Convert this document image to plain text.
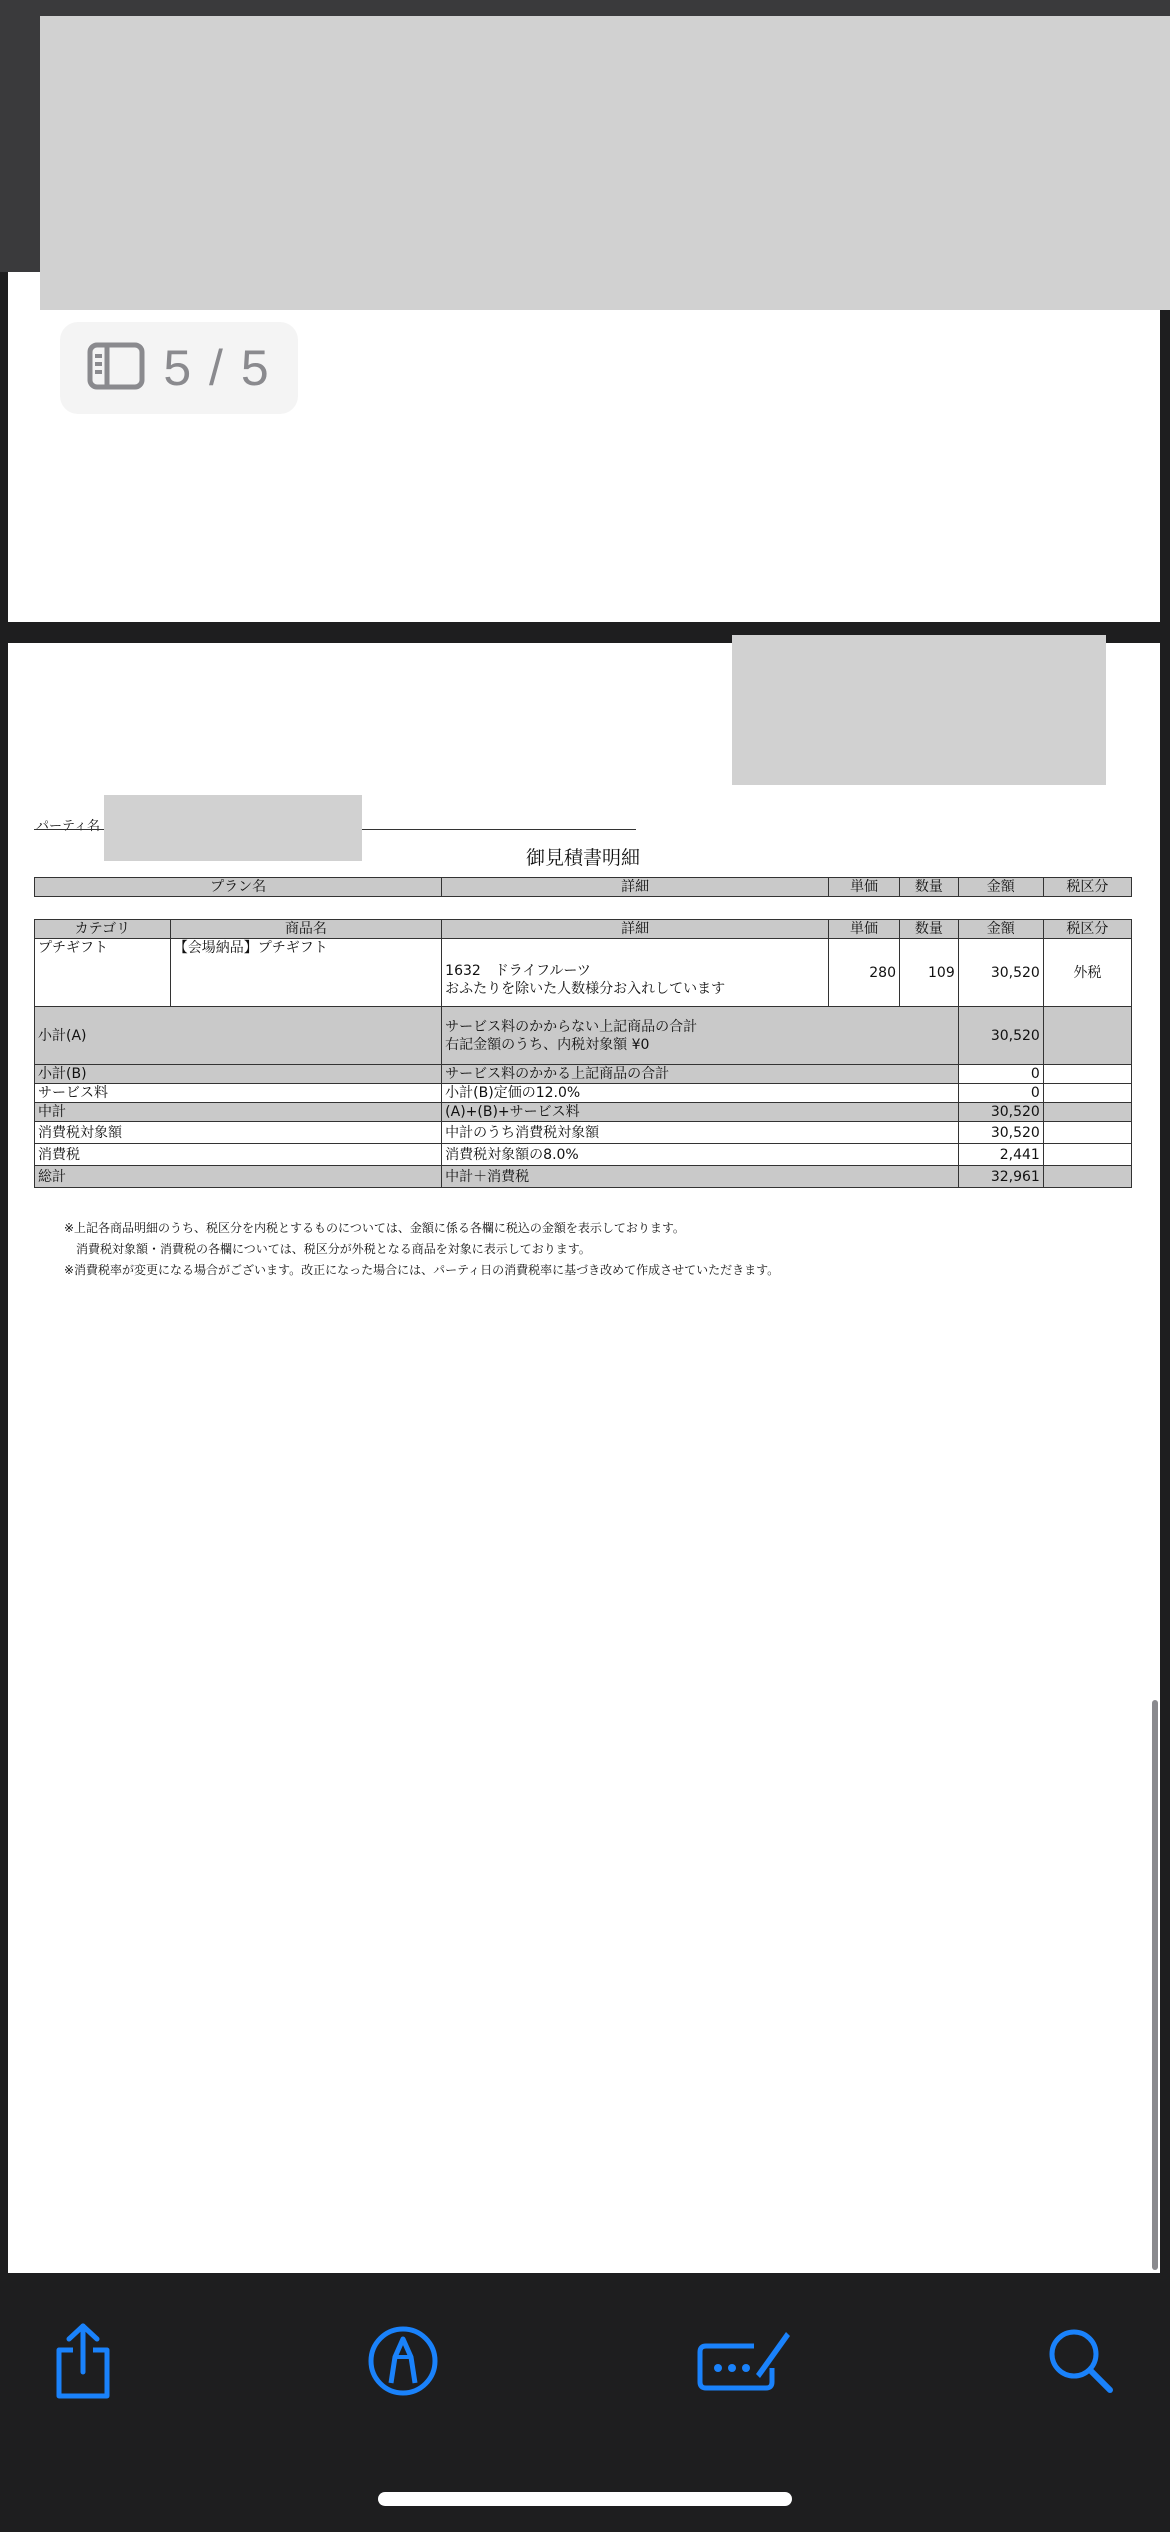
5 / 5
パーティ名
御見積書明細
プラン名	詳細	単価	数量	金額	税区分
カテゴリ	商品名	詳細	単価	数量	金額	税区分
プチギフト	【会場納品】プチギフト	1632　ドライフルーツ
おふたりを除いた人数様分お入れしています	280	109	30,520	外税
小計(A)		サービス料のかからない上記商品の合計
右記金額のうち、内税対象額 ¥0			30,520	
小計(B)		サービス料のかかる上記商品の合計			0	
サービス料		小計(B)定価の12.0%			0	
中計		(A)+(B)+サービス料			30,520	
消費税対象額		中計のうち消費税対象額			30,520	
消費税		消費税対象額の8.0%			2,441	
総計		中計＋消費税			32,961	
※上記各商品明細のうち、税区分を内税とするものについては、金額に係る各欄に税込の金額を表示しております。
　消費税対象額・消費税の各欄については、税区分が外税となる商品を対象に表示しております。
※消費税率が変更になる場合がございます。改正になった場合には、パーティ日の消費税率に基づき改めて作成させていただきます。
